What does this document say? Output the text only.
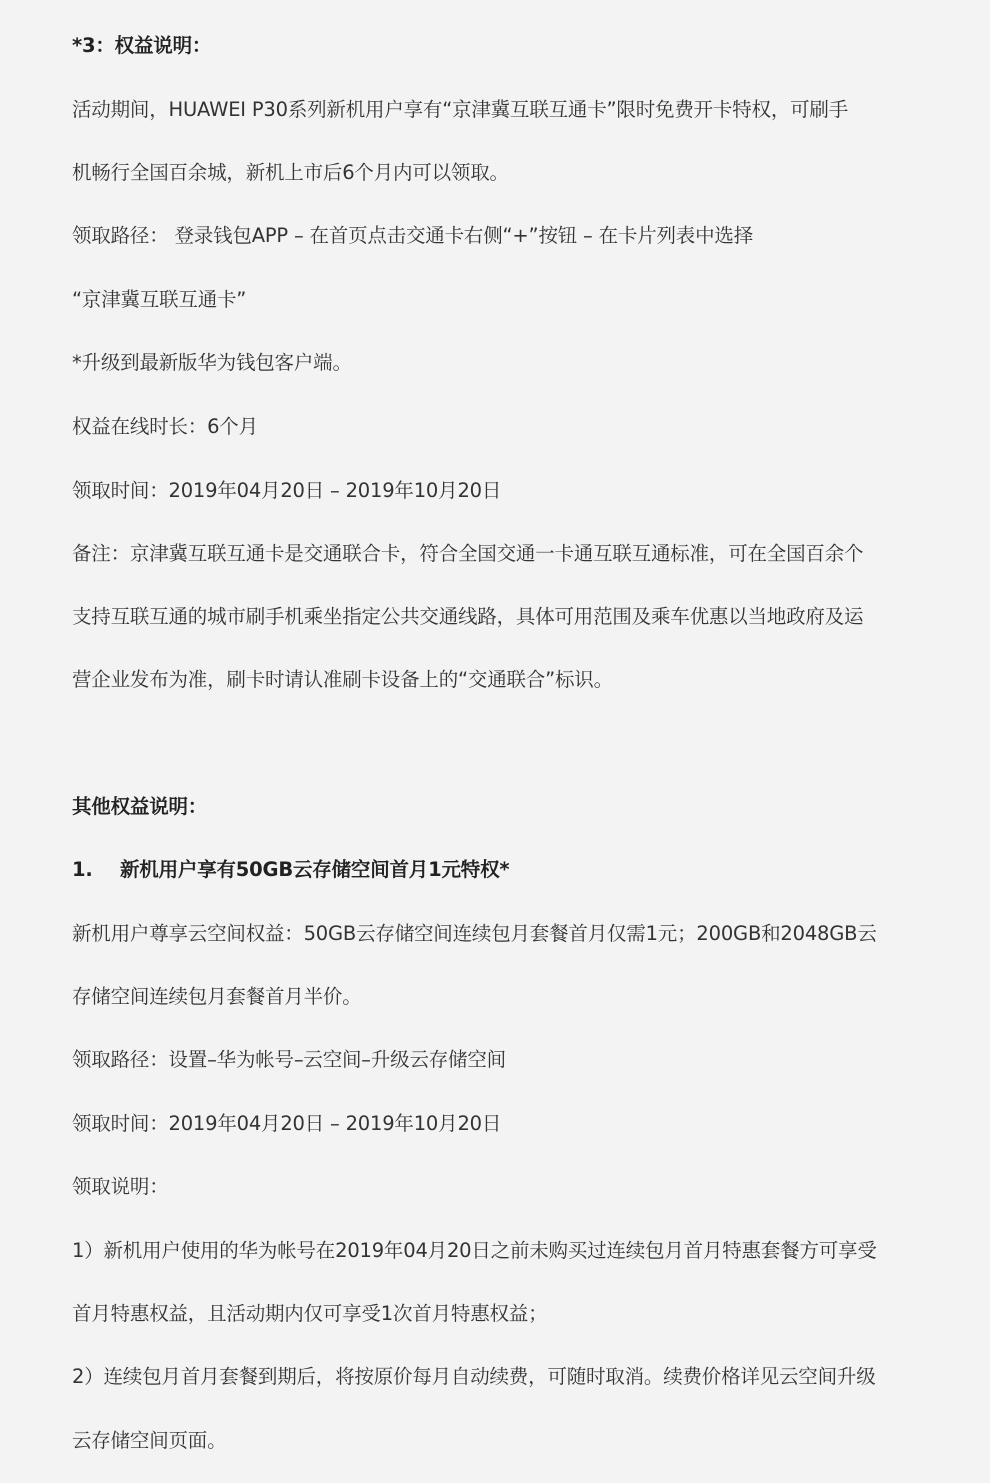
*3：权益说明：
活动期间，HUAWEI P30系列新机用户享有“京津冀互联互通卡”限时免费开卡特权，可刷手
机畅行全国百余城，新机上市后6个月内可以领取。
领取路径： 登录钱包APP – 在首页点击交通卡右侧“+”按钮 – 在卡片列表中选择
“京津冀互联互通卡”
*升级到最新版华为钱包客户端。
权益在线时长：6个月
领取时间：2019年04月20日 – 2019年10月20日
备注：京津冀互联互通卡是交通联合卡，符合全国交通一卡通互联互通标准，可在全国百余个
支持互联互通的城市刷手机乘坐指定公共交通线路，具体可用范围及乘车优惠以当地政府及运
营企业发布为准，刷卡时请认准刷卡设备上的“交通联合”标识。
其他权益说明：
1. 新机用户享有50GB云存储空间首月1元特权*
新机用户尊享云空间权益：50GB云存储空间连续包月套餐首月仅需1元；200GB和2048GB云
存储空间连续包月套餐首月半价。
领取路径：设置–华为帐号–云空间–升级云存储空间
领取时间：2019年04月20日 – 2019年10月20日
领取说明：
1）新机用户使用的华为帐号在2019年04月20日之前未购买过连续包月首月特惠套餐方可享受
首月特惠权益，且活动期内仅可享受1次首月特惠权益；
2）连续包月首月套餐到期后，将按原价每月自动续费，可随时取消。续费价格详见云空间升级
云存储空间页面。
